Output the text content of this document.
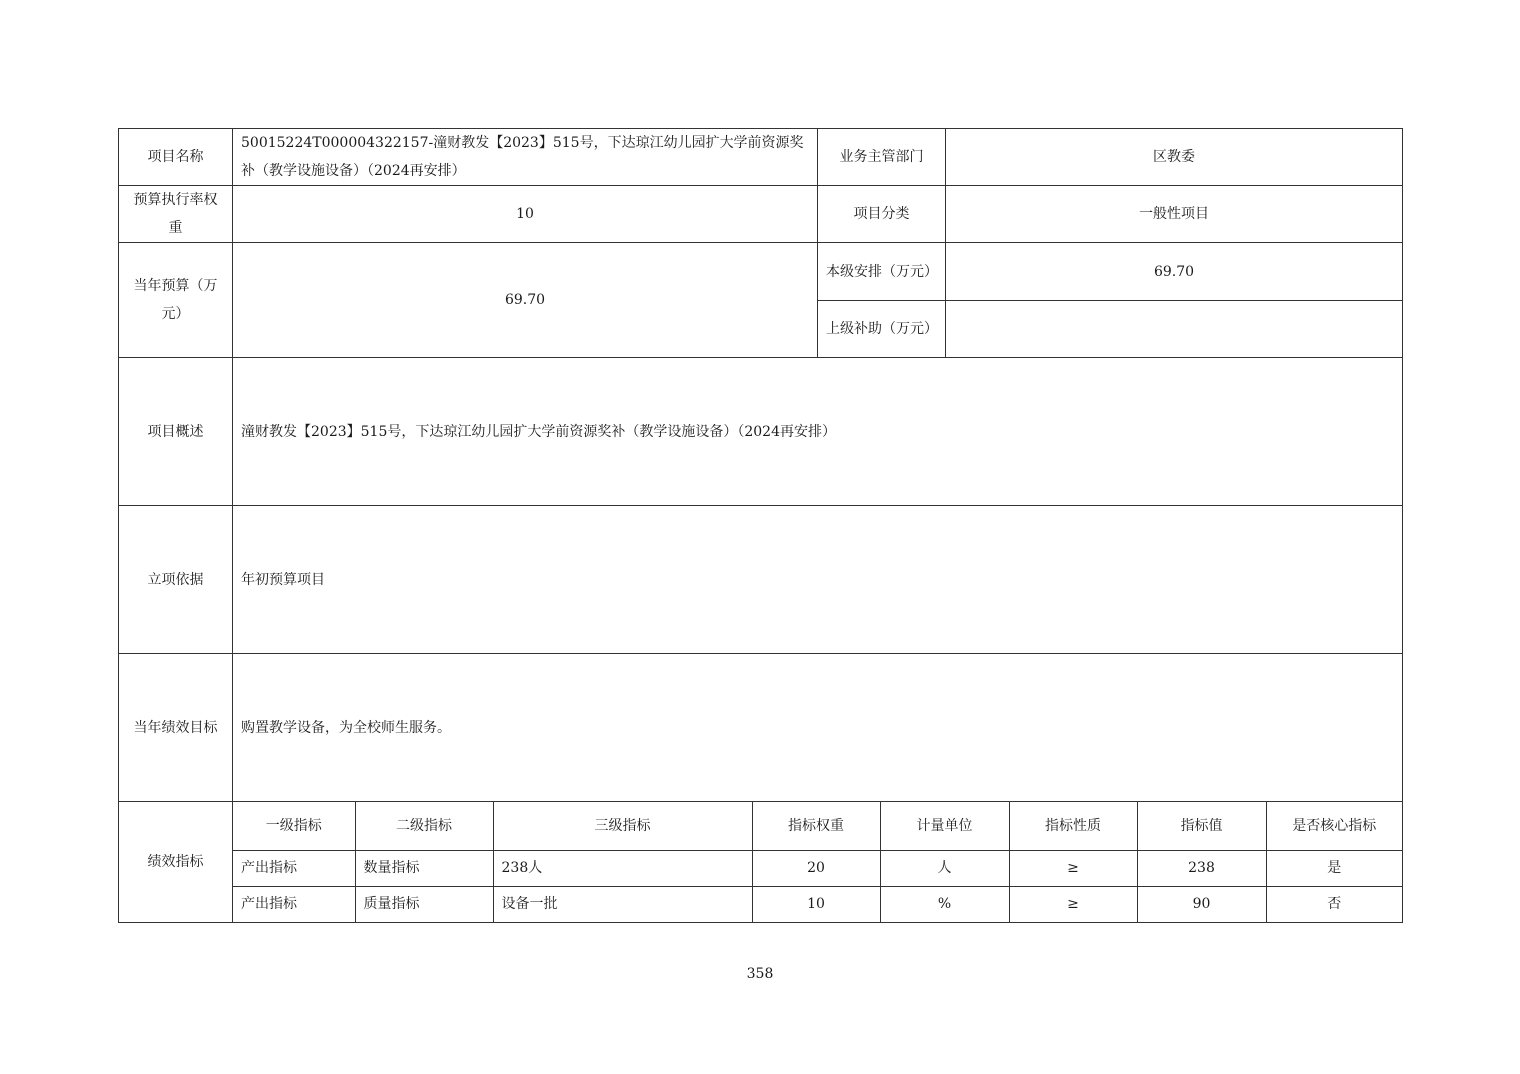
项目名称	50015224T000004322157-潼财教发【2023】515号，下达琼江幼儿园扩大学前资源奖补（教学设施设备）（2024再安排）	业务主管部门	区教委
预算执行率权重	10	项目分类	一般性项目
当年预算（万元）	69.70	本级安排（万元）	69.70
上级补助（万元）	
项目概述	潼财教发【2023】515号，下达琼江幼儿园扩大学前资源奖补（教学设施设备）（2024再安排）
立项依据	年初预算项目
当年绩效目标	购置教学设备，为全校师生服务。
绩效指标	
一级指标	二级指标	三级指标	指标权重	计量单位	指标性质	指标值	是否核心指标
产出指标	数量指标	238人	20	人	≥	238	是
产出指标	质量指标	设备一批	10	%	≥	90	否
358
